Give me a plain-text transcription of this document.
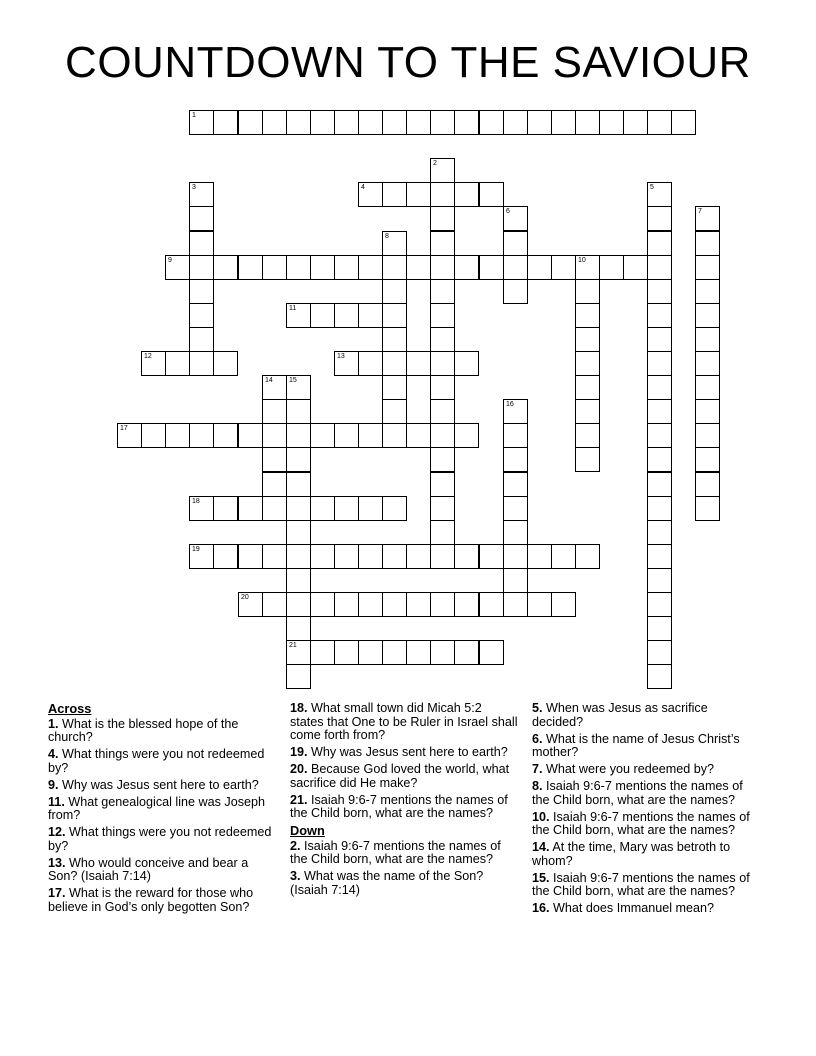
COUNTDOWN TO THE SAVIOUR
1
2
3	4	5
6	7
8
9	10
11
12	13
14 15
21
16
17
18
19
20
Across
1. What is the blessed hope of the church?
4. What things were you not redeemed by?
9. Why was Jesus sent here to earth?
11. What genealogical line was Joseph from?
12. What things were you not redeemed by?
13. Who would conceive and bear a Son? (Isaiah 7:14)
17. What is the reward for those who believe in God’s only begotten Son?
18. What small town did Micah 5:2 states that One to be Ruler in Israel shall come forth from?
19. Why was Jesus sent here to earth?
20. Because God loved the world, what sacrifice did He make?
21. Isaiah 9:6-7 mentions the names of the Child born, what are the names?
Down
2. Isaiah 9:6-7 mentions the names of the Child born, what are the names?
3. What was the name of the Son? (Isaiah 7:14)
5. When was Jesus as sacrifice decided?
6. What is the name of Jesus Christ’s mother?
7. What were you redeemed by?
8. Isaiah 9:6-7 mentions the names of the Child born, what are the names?
10. Isaiah 9:6-7 mentions the names of the Child born, what are the names?
14. At the time, Mary was betroth to whom?
15. Isaiah 9:6-7 mentions the names of the Child born, what are the names?
16. What does Immanuel mean?
